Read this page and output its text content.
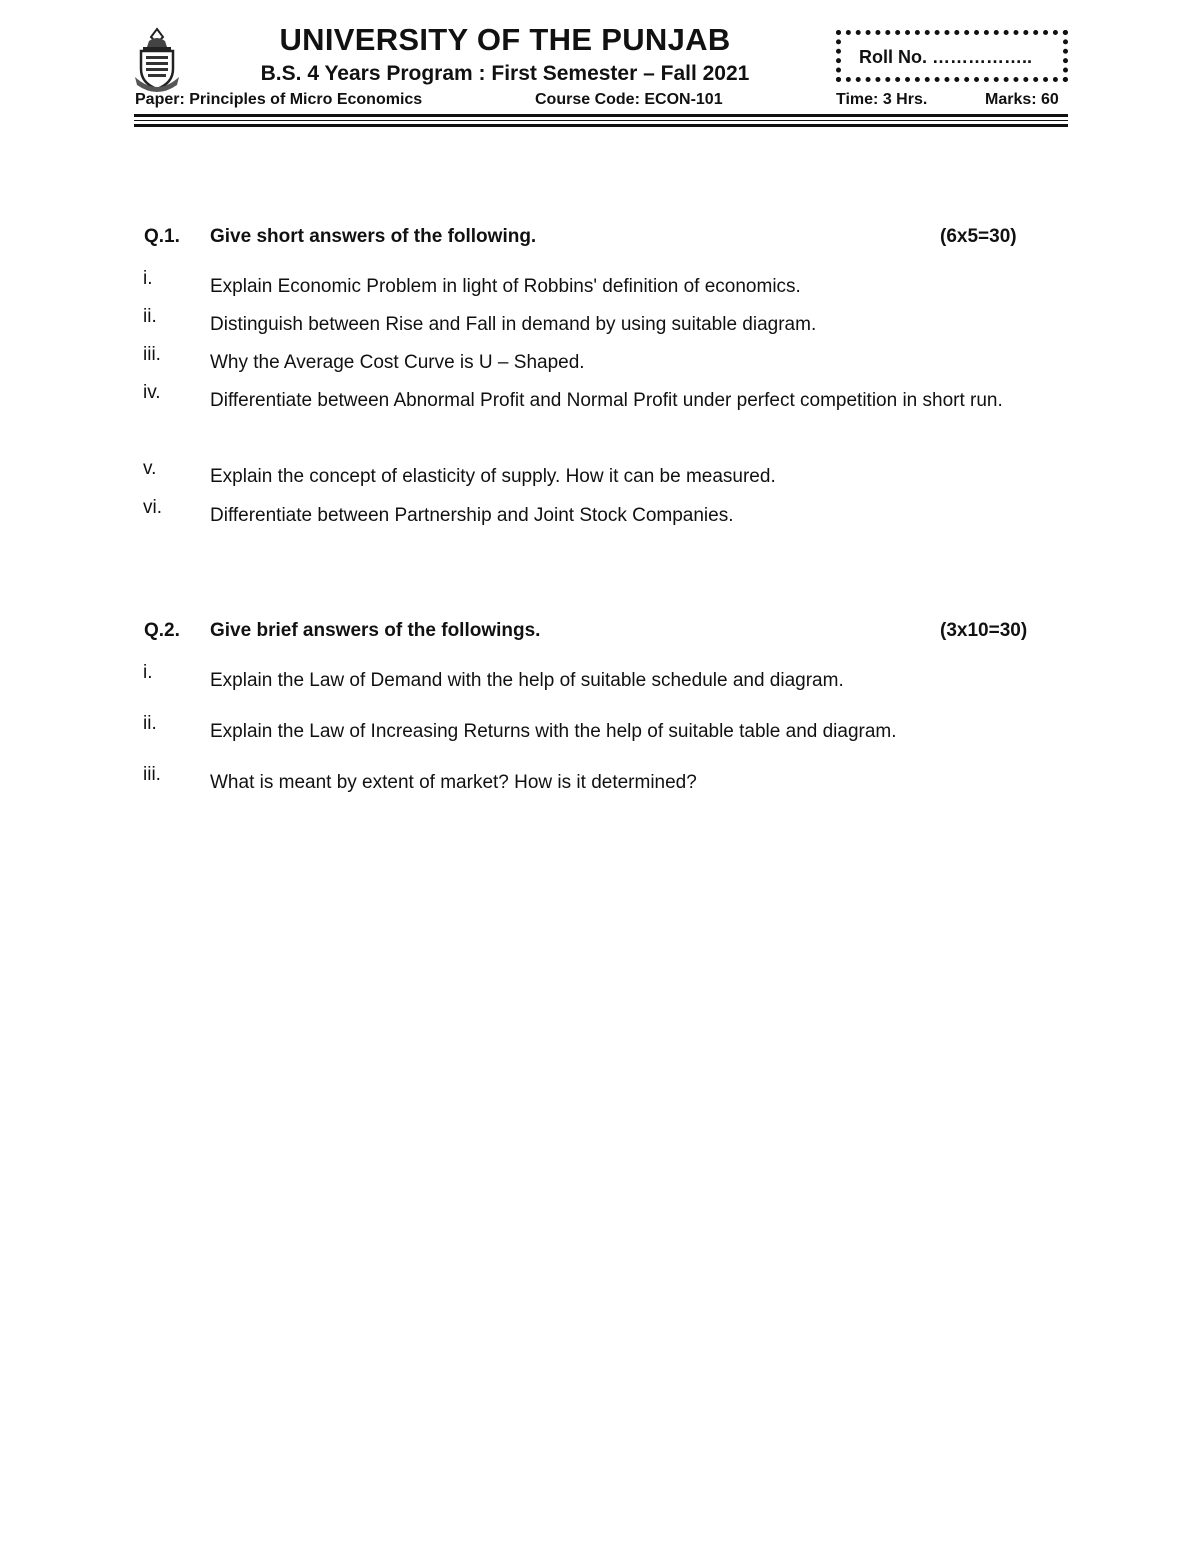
UNIVERSITY OF THE PUNJAB
B.S. 4 Years Program : First Semester – Fall 2021
Roll No. ……………..
Paper: Principles of Micro Economics	Course Code: ECON-101	Time: 3 Hrs.	Marks: 60
Q.1. Give short answers of the following.	(6x5=30)
i.	Explain Economic Problem in light of Robbins' definition of economics.
ii.	Distinguish between Rise and Fall in demand by using suitable diagram.
iii.	Why the Average Cost Curve is U – Shaped.
iv.	Differentiate between Abnormal Profit and Normal Profit under perfect competition in short run.
v.	Explain the concept of elasticity of supply. How it can be measured.
vi.	Differentiate between Partnership and Joint Stock Companies.
Q.2. Give brief answers of the followings.	(3x10=30)
i.	Explain the Law of Demand with the help of suitable schedule and diagram.
ii.	Explain the Law of Increasing Returns with the help of suitable table and diagram.
iii.	What is meant by extent of market? How is it determined?
